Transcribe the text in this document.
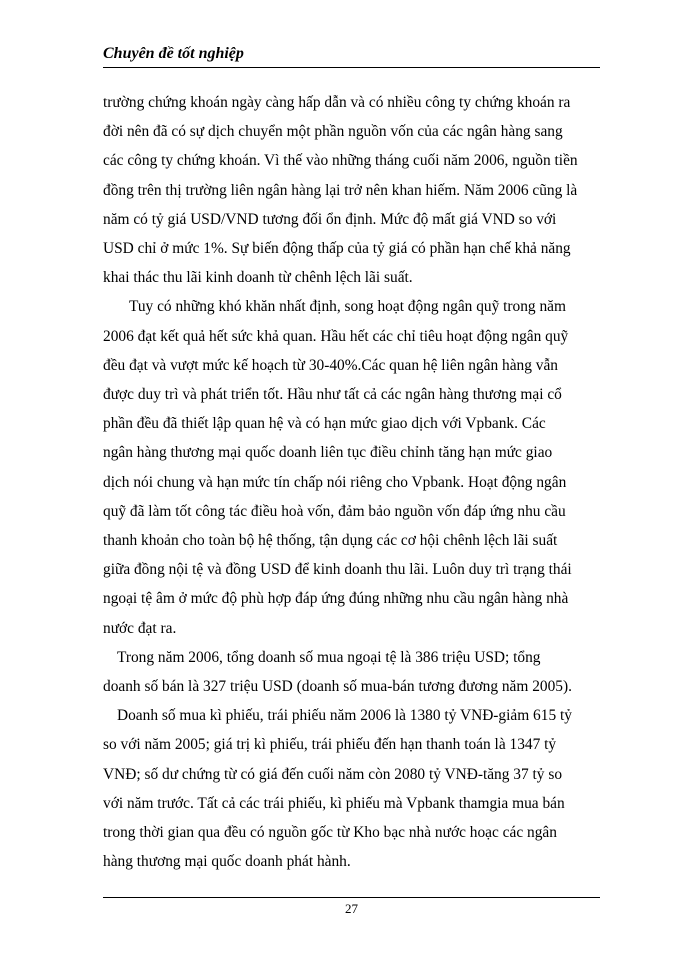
Chuyên đề tốt nghiệp

trường chứng khoán ngày càng hấp dẫn và có nhiều công ty chứng khoán ra
đời nên đã có sự dịch chuyển một phần nguồn vốn của các ngân hàng sang
các công ty chứng khoán. Vì thế vào những tháng cuối năm 2006, nguồn tiền
đồng trên thị trường liên ngân hàng lại trở nên khan hiếm. Năm 2006 cũng là
năm có tỷ giá USD/VND tương đối ổn định. Mức độ mất giá VND so với
USD chỉ ở mức 1%. Sự biến động thấp của tỷ giá có phần hạn chế khả năng
khai thác thu lãi kinh doanh từ chênh lệch lãi suất.

Tuy có những khó khăn nhất định, song hoạt động ngân quỹ trong năm
2006 đạt kết quả hết sức khả quan. Hầu hết các chỉ tiêu hoạt động ngân quỹ
đều đạt và vượt mức kế hoạch từ 30-40%.Các quan hệ liên ngân hàng vẫn
được duy trì và phát triển tốt. Hầu như tất cả các ngân hàng thương mại cổ
phần đều đã thiết lập quan hệ và có hạn mức giao dịch với Vpbank. Các
ngân hàng thương mại quốc doanh liên tục điều chỉnh tăng hạn mức giao
dịch nói chung và hạn mức tín chấp nói riêng cho Vpbank. Hoạt động ngân
quỹ đã làm tốt công tác điều hoà vốn, đảm bảo nguồn vốn đáp ứng nhu cầu
thanh khoản cho toàn bộ hệ thống, tận dụng các cơ hội chênh lệch lãi suất
giữa đồng nội tệ và đồng USD để kinh doanh thu lãi. Luôn duy trì trạng thái
ngoại tệ âm ở mức độ phù hợp đáp ứng đúng những nhu cầu ngân hàng nhà
nước đạt ra.

Trong năm 2006, tổng doanh số mua ngoại tệ là 386 triệu USD; tổng
doanh số bán là 327 triệu USD (doanh số mua-bán tương đương năm 2005).

Doanh số mua kì phiếu, trái phiếu năm 2006 là 1380 tỷ VNĐ-giảm 615 tỷ
so với năm 2005; giá trị kì phiếu, trái phiếu đến hạn thanh toán là 1347 tỷ
VNĐ; số dư chứng từ có giá đến cuối năm còn 2080 tỷ VNĐ-tăng 37 tỷ so
với năm trước. Tất cả các trái phiếu, kì phiếu mà Vpbank thamgia mua bán
trong thời gian qua đều có nguồn gốc từ Kho bạc nhà nước hoạc các ngân
hàng thương mại quốc doanh phát hành.

27
